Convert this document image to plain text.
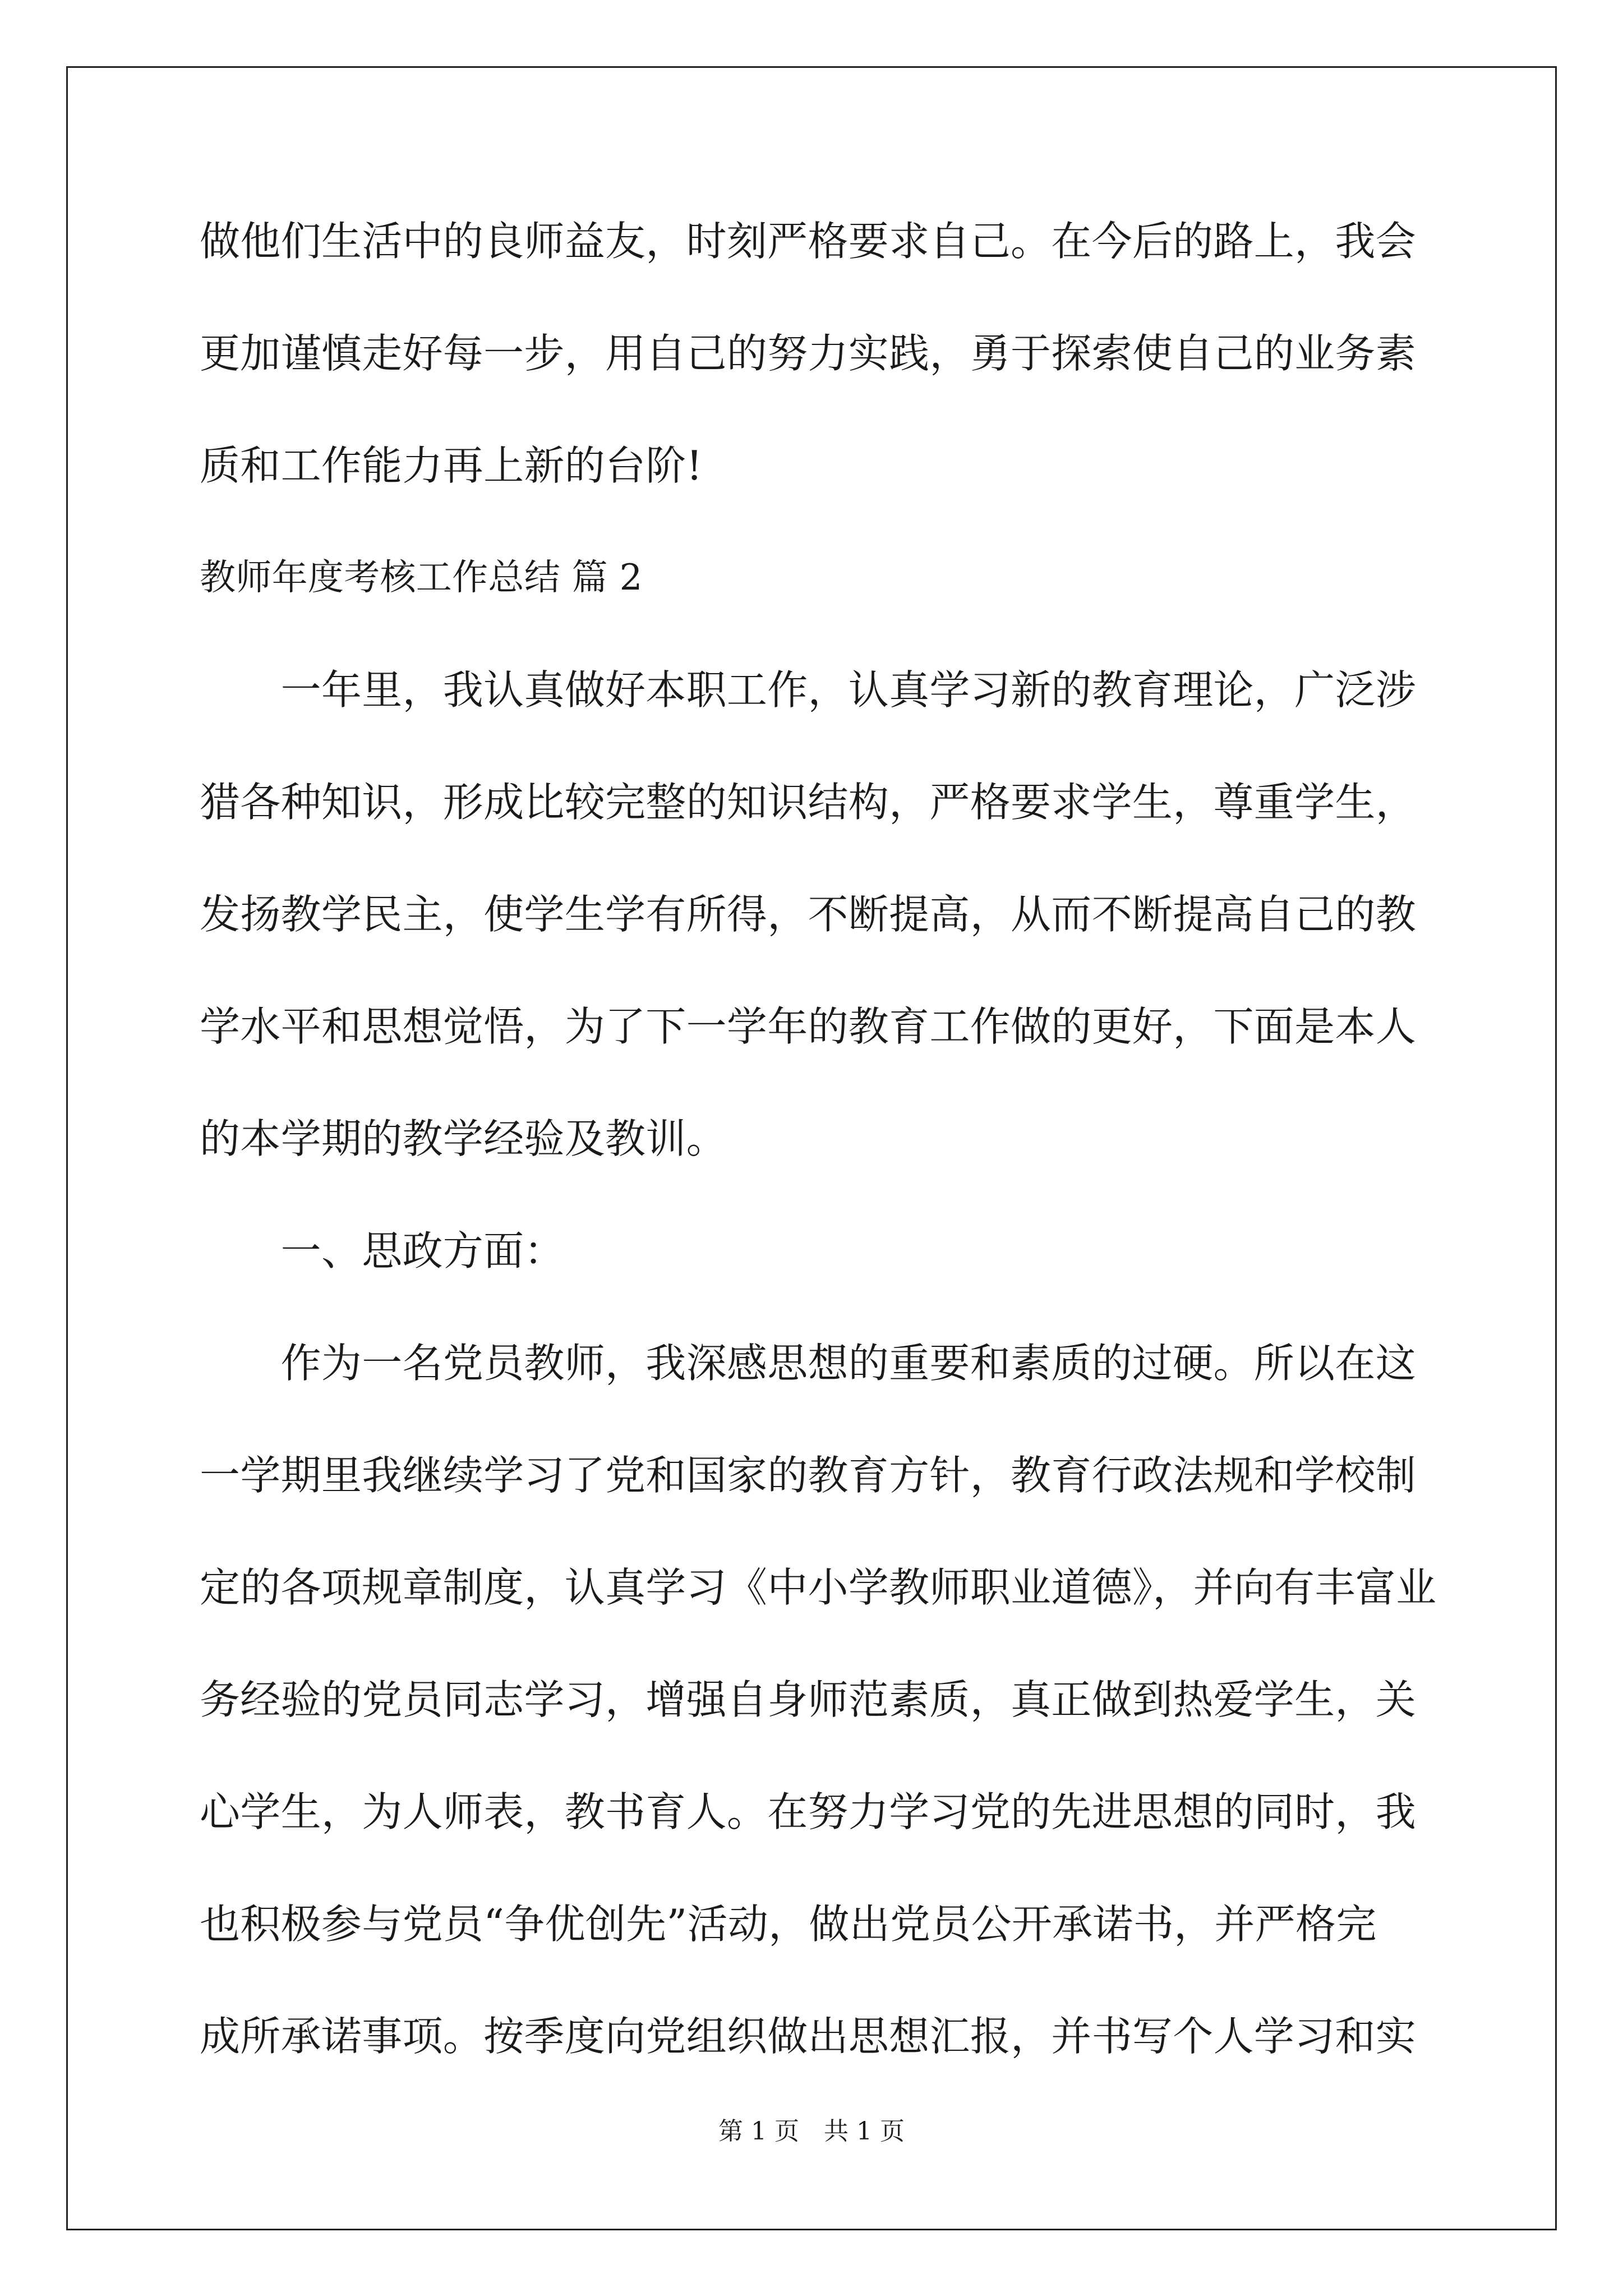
做他们生活中的良师益友，时刻严格要求自己。在今后的路上，我会
更加谨慎走好每一步，用自己的努力实践，勇于探索使自己的业务素
质和工作能力再上新的台阶!
教师年度考核工作总结 篇 2
　　一年里，我认真做好本职工作，认真学习新的教育理论，广泛涉
猎各种知识，形成比较完整的知识结构，严格要求学生，尊重学生，
发扬教学民主，使学生学有所得，不断提高，从而不断提高自己的教
学水平和思想觉悟，为了下一学年的教育工作做的更好，下面是本人
的本学期的教学经验及教训。
　　一、思政方面：
　　作为一名党员教师，我深感思想的重要和素质的过硬。所以在这
一学期里我继续学习了党和国家的教育方针，教育行政法规和学校制
定的各项规章制度，认真学习《中小学教师职业道德》，并向有丰富业
务经验的党员同志学习，增强自身师范素质，真正做到热爱学生，关
心学生，为人师表，教书育人。在努力学习党的先进思想的同时，我
也积极参与党员“争优创先”活动，做出党员公开承诺书，并严格完
成所承诺事项。按季度向党组织做出思想汇报，并书写个人学习和实
第 1 页　共 1 页
